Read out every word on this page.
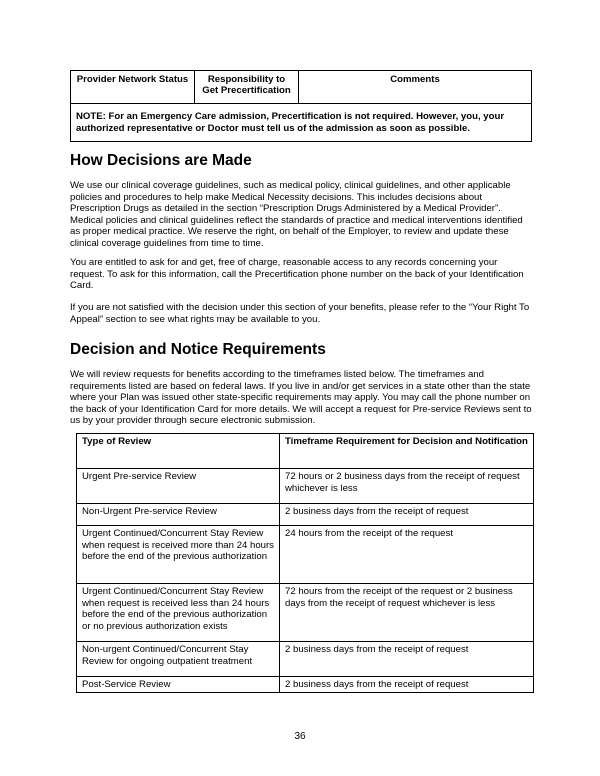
Provider Network Status	Responsibility to Get Precertification	Comments
NOTE: For an Emergency Care admission, Precertification is not required. However, you, your authorized representative or Doctor must tell us of the admission as soon as possible.
How Decisions are Made

We use our clinical coverage guidelines, such as medical policy, clinical guidelines, and other applicable policies and procedures to help make Medical Necessity decisions. This includes decisions about Prescription Drugs as detailed in the section “Prescription Drugs Administered by a Medical Provider”. Medical policies and clinical guidelines reflect the standards of practice and medical interventions identified as proper medical practice. We reserve the right, on behalf of the Employer, to review and update these clinical coverage guidelines from time to time.

You are entitled to ask for and get, free of charge, reasonable access to any records concerning your request. To ask for this information, call the Precertification phone number on the back of your Identification Card.

If you are not satisfied with the decision under this section of your benefits, please refer to the “Your Right To Appeal” section to see what rights may be available to you.

Decision and Notice Requirements

We will review requests for benefits according to the timeframes listed below. The timeframes and requirements listed are based on federal laws. If you live in and/or get services in a state other than the state where your Plan was issued other state-specific requirements may apply. You may call the phone number on the back of your Identification Card for more details. We will accept a request for Pre-service Reviews sent to us by your provider through secure electronic submission.

Type of Review	Timeframe Requirement for Decision and Notification
Urgent Pre-service Review	72 hours or 2 business days from the receipt of request whichever is less
Non-Urgent Pre-service Review	2 business days from the receipt of request
Urgent Continued/Concurrent Stay Review when request is received more than 24 hours before the end of the previous authorization	24 hours from the receipt of the request
Urgent Continued/Concurrent Stay Review when request is received less than 24 hours before the end of the previous authorization or no previous authorization exists	72 hours from the receipt of the request or 2 business days from the receipt of request whichever is less
Non-urgent Continued/Concurrent Stay Review for ongoing outpatient treatment	2 business days from the receipt of request
Post-Service Review	2 business days from the receipt of request
36
